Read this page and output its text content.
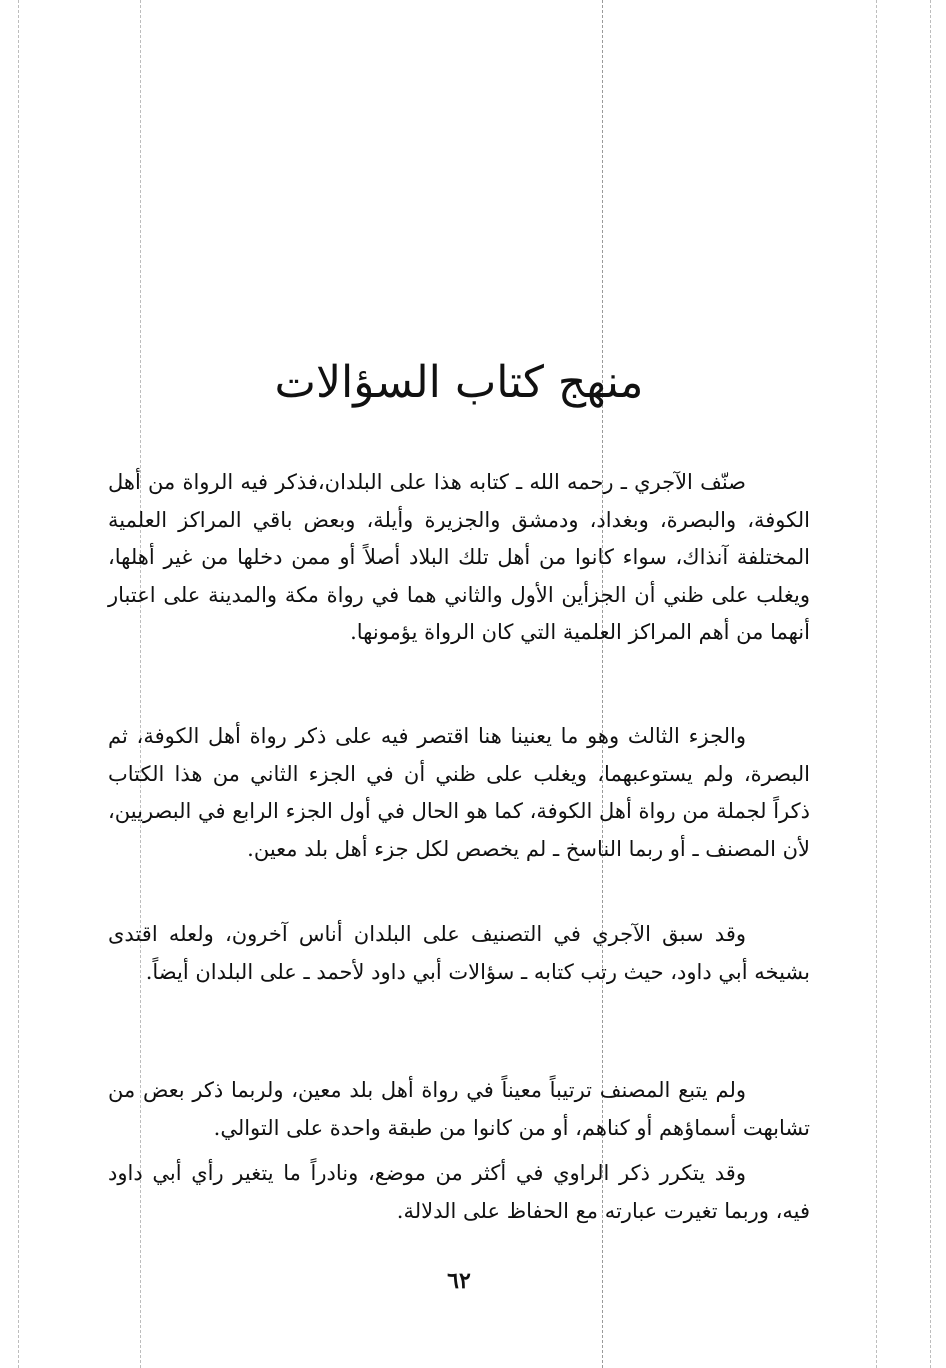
منهج كتاب السؤالات
صنّف الآجري ـ رحمه الله ـ كتابه هذا على البلدان،فذكر فيه الرواة من أهل الكوفة، والبصرة، وبغداد، ودمشق والجزيرة وأيلة، وبعض باقي المراكز العلمية المختلفة آنذاك، سواء كانوا من أهل تلك البلاد أصلاً أو ممن دخلها من غير أهلها، ويغلب على ظني أن الجزأين الأول والثاني هما في رواة مكة والمدينة على اعتبار أنهما من أهم المراكز العلمية التي كان الرواة يؤمونها.
والجزء الثالث وهو ما يعنينا هنا اقتصر فيه على ذكر رواة أهل الكوفة، ثم البصرة، ولم يستوعبهما، ويغلب على ظني أن في الجزء الثاني من هذا الكتاب ذكراً لجملة من رواة أهل الكوفة، كما هو الحال في أول الجزء الرابع في البصريين، لأن المصنف ـ أو ربما الناسخ ـ لم يخصص لكل جزء أهل بلد معين.
وقد سبق الآجري في التصنيف على البلدان أناس آخرون، ولعله اقتدى بشيخه أبي داود، حيث رتب كتابه ـ سؤالات أبي داود لأحمد ـ على البلدان أيضاً.
ولم يتبع المصنف ترتيباً معيناً في رواة أهل بلد معين، ولربما ذكر بعض من تشابهت أسماؤهم أو كناهم، أو من كانوا من طبقة واحدة على التوالي.
وقد يتكرر ذكر الراوي في أكثر من موضع، ونادراً ما يتغير رأي أبي داود فيه، وربما تغيرت عبارته مع الحفاظ على الدلالة.
٦٢
